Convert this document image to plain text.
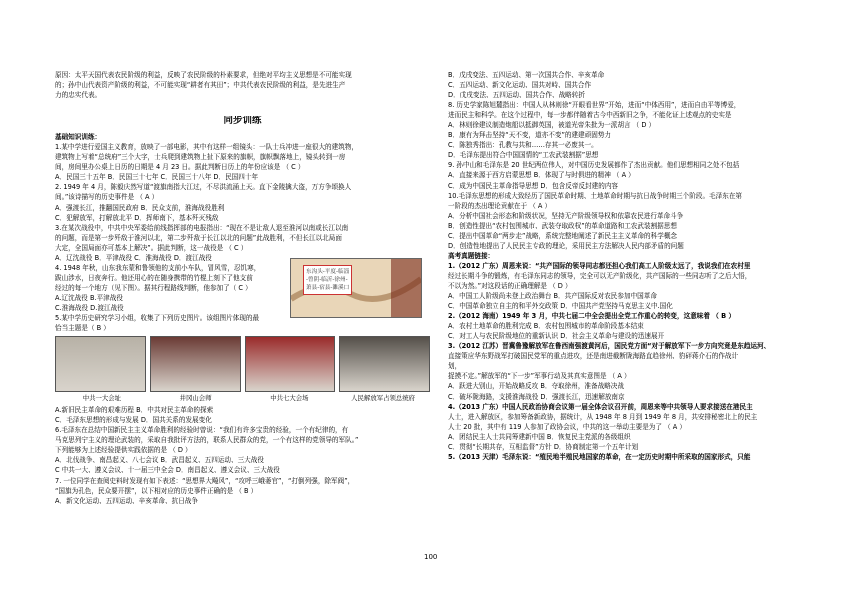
原因：太平天国代表农民阶级的利益，反映了农民阶级的朴素要求，但绝对平均主义思想是不可能实现

的；孙中山代表资产阶级的利益，不可能实现“耕者有其田”；中共代表农民阶级的利益，是先进生产

力的忠实代表。

同步训练

基础知识训练：

1.某中学进行爱国主义教育，放映了一部电影，其中有这样一组镜头：一队士兵冲进一座很大的建筑物，

建筑物上写着“总统府”三个大字，士兵爬到建筑物上扯下原来的旗帜，旗帜飘落地上，镜头转到一房

间，房间里办公桌上日历的日期是 4 月 23 日。据此判断日历上的年份应该是 （ C ）

A．民国三十五年 B．民国三十七年 C．民国三十八年 D．民国四十年

2. 1949 年 4 月，陈毅庆然写道“渡旗南指大江过，不尽洪流涌上天。直下金陵擒大盗，万方争颂换人

间。”该诗描写的历史事件是 （ A ）

A．强渡长江，推翻国民政府 B．民众支前，淮海战役胜利

C．犯解放军，打解放北平 D．挥师南下，基本歼灭残敌

3.在某次战役中，中共中央军委给前线指挥部的电报指出：“现在不是让敌人退至淮河以南或长江以南

的问题，而是第一步歼敌于淮河以北，第二步歼敌于长江以北的问题”此战胜利，不但长江以北局面

大定，全国局面亦可基本上解决”。据此判断，这一战役是 （ C ）

A．辽沈战役 B．平津战役 C．淮海战役 D．渡江战役

4. 1948 年秋，山东我东蒙和鲁领他的支前小车队，冒风雪，忍饥寒，

跋山涉水，日夜奔行。他还用心的在随身携带的竹棍上刻下了他支前

经过的每一个地方（见下图）。据其行程路线判断，他参加了（ C ）

A.辽沈战役 B.平津战役

C.淮海战役 D.渡江战役

5.某中学历史研究学习小组，收集了下列历史图片。该组图片体现的最

恰当主题是（ B ）

中共一大会址	井冈山会师	中共七大会场	人民解放军占领总统府

A.新旧民主革命的艰难历程 B．中共对民主革命的探索

C．毛泽东思想的形成与发展 D．国共关系的发展变化

6.毛泽东在总结中国新民主主义革命胜利的经验时曾说：“我们有许多宝贵的经验，一个有纪律的，有

马克思列宁主义的理论武装的，采取自我批评方法的，联系人民群众的党，一个有这样的党领导的军队。”

下列能够为上述经验提供实践依据的是 （ D ）

A．北伐战争、南昌起义、八七会议 B．武昌起义、五四运动、三大战役

C 中共一大、遵义会议、十一届三中全会 D．南昌起义、遵义会议、三大战役

7. 一位同学在查阅史料时发现有如下表述：“思想界大飚风”，“攻呼三峨萎官”，“打倒列强，除军阀”，

“国旗为孔色，民众要开摆”，以下相对应的历史事件正确的是 （ B ）

A．新文化运动、五四运动、辛亥革命、抗日战争

B．戊戌变法、五四运动、第一次国共合作、辛亥革命

C．五四运动、新文化运动、国共对峙、国共合作

D．戊戌变法、五四运动、国共合作、战略转折

8. 历史学家陈旭麓指出：中国人从林则徐“开眼看世界”开始，进而“中体西用”，进而自由平等博爱，

进而民主和科学。在这个过程中，每一步都伴随着古今中西新旧之争，不能化证上述观点的史实是

A．林则徐建议制造炮船以抵御英国，被道光帝朱批为一派胡言 （ D ）

B．康有为拜击坚持“天不变，道亦不变”的建建顽固势力

C．陈独秀指出：孔教与共和……存其一必废其一。

D．毛泽东提出符合中国国情的“工农武装割据”思想

9. 孙中山和毛泽东是 20 世纪两位伟人，对中国历史发展都作了杰出贡献。他们思想相同之处不包括

A．直接来源于西方启蒙思想 B．体现了与时俱进的精神 （ A ）

C．成为中国民主革命指导思想 D．包含反帝反封建的内容

10.毛泽东思想的形成大致经历了国民革命时期、土地革命时期与抗日战争时期三个阶段。毛泽东在第

一阶段的杰出理论贡献在于 （ A ）

A．分析中国社会形态和阶级状况，坚持无产阶级领导权和依靠农民进行革命斗争

B．创造性提出“农村包围城市、武装夺取政权”的革命道路和工农武装割据思想

C．提出中国革命“两步走”战略，系统完整地阐述了新民主主义革命的科学概念

D．创造性地提出了人民民主专政的理论，采用民主方法解决人民内部矛盾的问题

高考真题链接：

1.（2012 广东）周恩来说：“共产国际的领导同志都还担心我们高工人阶级太远了，我说我们在农村里

经过长期斗争的锻炼，有毛泽东同志的领导，完全可以无产阶级化，共产国际的一些同志听了之后大悟，

不以为然。”对这段话的正确理解是 （ D ）

A．中国工人阶级尚未登上政治舞台 B．共产国际反对农民参加中国革命

C．中国革命独立自主的和平外交政策 D．中国共产党坚持马克思主义中.国化

2.（2012 海南）1949 年 3 月，中共七届二中全会提出全党工作重心的转变，这意味着 （ B ）

A．农村土地革命的胜利完成 B．农村包围城市的革命阶段基本结束

C．对工人与农民阶级地位的重新认识 D．社会主义革命与建设的迅速展开

3.（2012 江苏）晋冀鲁豫解放军在鲁西南强渡黄河后，国民党方面“对于解放军下一步方向究竟是东趋运河、

直接策应华东野战军打破国民党军的重点进攻，还是南进截断陇海路直趋徐州、豹砰蒋介石的作战计

划，

捉摸不定。”解放军的“下一步”军事行动及其真实意图是 （ A ）

A．跃进大别山，开始战略反攻 B．夺取徐州，准备战略决战

C．破坏陇海路，支援淮海战役 D．强渡长江，迅速解放南京

4.（2013 广东）中国人民政治协商会议第一届全体会议召开前，周恩来等中共领导人要求接送在港民主

人士，进入解放区，参加筹备新政协，据统计，从 1948 年 8 月到 1949 年 8 月，共安排秘密北上的民主

人士 20 批，其中有 119 人参加了政协会议，中共的这一举动主要是为了 （ A ）

A．团结民主人士共同筹建新中国 B．恢复民主党派的各级组织

C．贯彻“长期共存，互相监督”方针 D．协商制定第一个五年计划

5.（2013 天津）毛泽东说：“殖民地半殖民地国家的革命，在一定历史时期中所采取的国家形式，只能

东沟头-平度-临淄
-曾阴-临沂-徐州-
萧县-宿县-濉溪口
100
